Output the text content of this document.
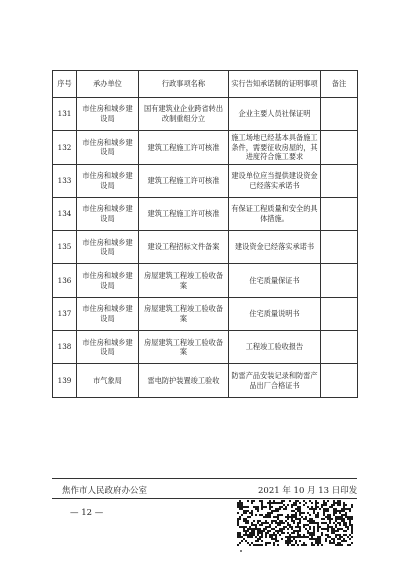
序号	承办单位	行政事项名称	实行告知承诺制的证明事项	备注
131	市住房和城乡建设局	国有建筑业企业跨省转出改制重组分立	企业主要人员社保证明	
132	市住房和城乡建设局	建筑工程施工许可核准	施工场地已经基本具备施工条件，需要征收房屋的，其进度符合施工要求	
133	市住房和城乡建设局	建筑工程施工许可核准	建设单位应当提供建设资金已经落实承诺书	
134	市住房和城乡建设局	建筑工程施工许可核准	有保证工程质量和安全的具体措施。	
135	市住房和城乡建设局	建设工程招标文件备案	建设资金已经落实承诺书	
136	市住房和城乡建设局	房屋建筑工程竣工验收备案	住宅质量保证书	
137	市住房和城乡建设局	房屋建筑工程竣工验收备案	住宅质量说明书	
138	市住房和城乡建设局	房屋建筑工程竣工验收备案	工程竣工验收报告	
139	市气象局	雷电防护装置竣工验收	防雷产品安装记录和防雷产品出厂合格证书	
焦作市人民政府办公室	2021 年 10 月 13 日印发
— 12 —
